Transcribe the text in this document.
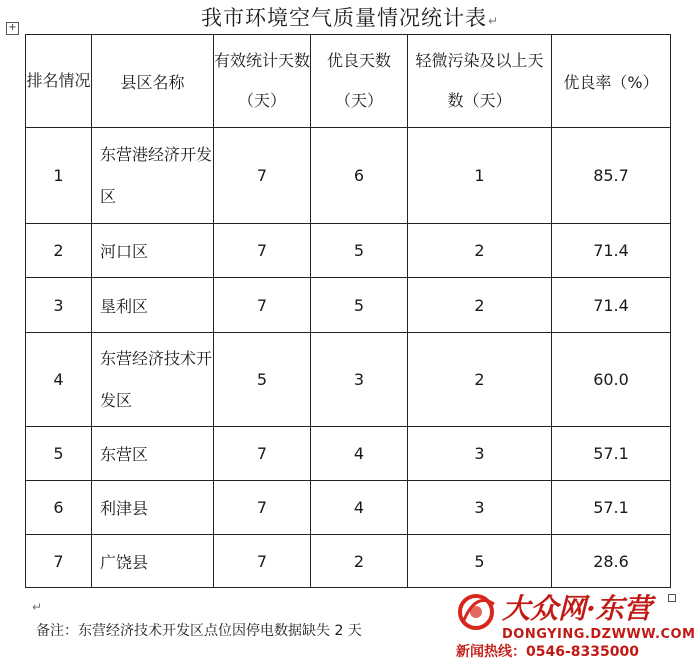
+	我市环境空气质量情况统计表↵
排名情况	县区名称	有效统计天数（天）	优良天数（天）	轻微污染及以上天数（天）	优良率（%）
1	东营港经济开发区	7	6	1	85.7
2	河口区	7	5	2	71.4
3	垦利区	7	5	2	71.4
4	东营经济技术开发区	5	3	2	60.0
5	东营区	7	4	3	57.1
6	利津县	7	4	3	57.1
7	广饶县	7	2	5	28.6
↵
备注：东营经济技术开发区点位因停电数据缺失 2 天
大众网·东营
DONGYING.DZWWW.COM
新闻热线：0546-8335000
